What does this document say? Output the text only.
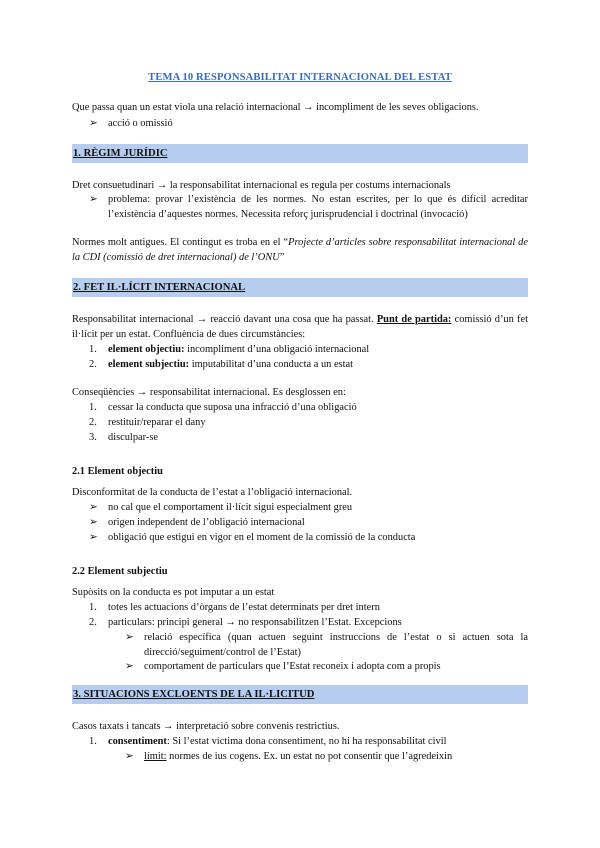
TEMA 10 RESPONSABILITAT INTERNACIONAL DEL ESTAT
Que passa quan un estat viola una relació internacional → incompliment de les seves obligacions.
➢ acció o omissió
1. RÈGIM JURÍDIC
Dret consuetudinari → la responsabilitat internacional es regula per costums internacionals
➢ problema: provar l’existència de les normes. No estan escrites, per lo que és difícil acreditar l’existència d’aquestes normes. Necessita reforç jurisprudencial i doctrinal (invocació)
Normes molt antigues. El contingut es troba en el “Projecte d’articles sobre responsabilitat internacional de la CDI (comissió de dret internacional) de l’ONU”
2. FET IL·LÍCIT INTERNACIONAL
Responsabilitat internacional → reacció davant una cosa que ha passat. Punt de partida: comissió d’un fet il·lícit per un estat. Confluència de dues circumstàncies:
1.	element objectiu: incompliment d’una obligació internacional
2.	element subjectiu: imputabilitat d’una conducta a un estat
Conseqüències → responsabilitat internacional. Es desglossen en:
1.	cessar la conducta que suposa una infracció d’una obligació
2.	restituir/reparar el dany
3.	disculpar-se
2.1 Element objectiu
Disconformitat de la conducta de l’estat a l’obligació internacional.
➢ no cal que el comportament il·lícit sigui especialment greu
➢ origen independent de l’obligació internacional
➢ obligació que estigui en vigor en el moment de la comissió de la conducta
2.2 Element subjectiu
Supòsits on la conducta es pot imputar a un estat
1.	totes les actuacions d’òrgans de l’estat determinats per dret intern
2.	particulars: principi general → no responsabilitzen l’Estat. Excepcions
➢ relació específica (quan actuen seguint instruccions de l’estat o si actuen sota la direcció/seguiment/control de l’Estat)
➢ comportament de particulars que l’Estat reconeix i adopta com a propis
3. SITUACIONS EXCLOENTS DE LA IL·LICITUD
Casos taxats i tancats → interpretació sobre convenis restrictius.
1.	consentiment: Si l’estat víctima dona consentiment, no hi ha responsabilitat civil
➢ límit: normes de ius cogens. Ex. un estat no pot consentir que l’agredeixin
